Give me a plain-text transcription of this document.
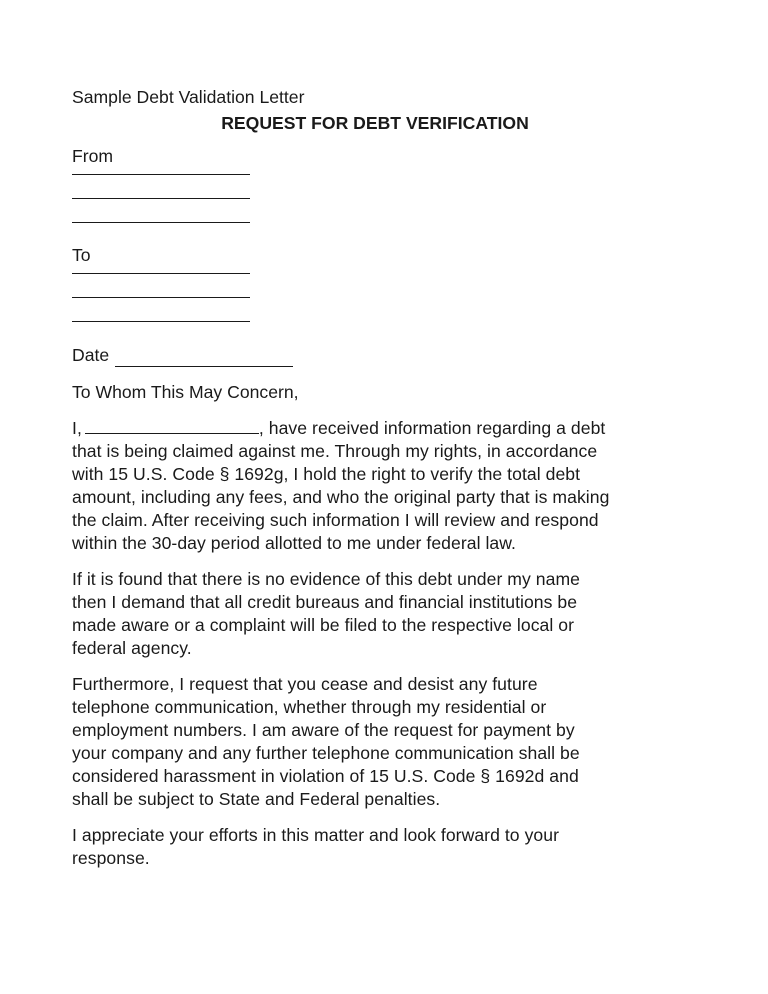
Sample Debt Validation Letter
REQUEST FOR DEBT VERIFICATION
From
To
Date
To Whom This May Concern,

I,	, have received information regarding a debt

that is being claimed against me. Through my rights, in accordance

with 15 U.S. Code § 1692g, I hold the right to verify the total debt

amount, including any fees, and who the original party that is making

the claim. After receiving such information I will review and respond

within the 30-day period allotted to me under federal law.

If it is found that there is no evidence of this debt under my name

then I demand that all credit bureaus and financial institutions be

made aware or a complaint will be filed to the respective local or

federal agency.

Furthermore, I request that you cease and desist any future

telephone communication, whether through my residential or

employment numbers. I am aware of the request for payment by

your company and any further telephone communication shall be

considered harassment in violation of 15 U.S. Code § 1692d and

shall be subject to State and Federal penalties.

I appreciate your efforts in this matter and look forward to your

response.
